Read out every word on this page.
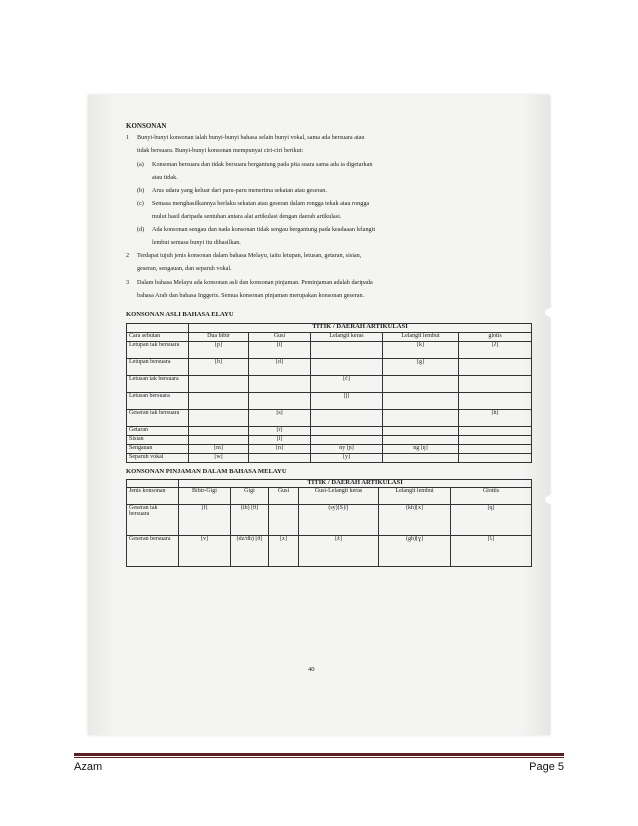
KONSONAN
1	Bunyi-bunyi konsonan ialah bunyi-bunyi bahasa selain bunyi vokal, sama ada bersuara atau
tidak bersuara. Bunyi-bunyi konsonan mempunyai ciri-ciri berikut:
(a)	Konsonan bersuara dan tidak bersuara bergantung pada pita suara sama ada ia digetarkan
atau tidak.
(b)	Arus udara yang keluar dari paru-paru menerima sekatan atau geseran.
(c)	Semasa menghasilkannya berlaku sekatan atau geseran dalam rongga tekak atau rongga
mulut hasil daripada sentuhan antara alat artikulasi dengan daerah artikulasi.
(d)	Ada konsonan sengau dan nada konsonan tidak sengau bergantung pada keadaaan lelangit
lembut semasa bunyi itu dihasilkan.
2	Terdapat tujuh jenis konsonan dalam bahasa Melayu, iaitu letupan, letusan, getaran, sisian,
geseran, sengauan, dan separuh vokal.
3	Dalam bahasa Melayu ada konsonan asli dan konsonan pinjaman. Peminjaman adalah daripada
bahasa Arab dan bahasa Inggeris. Semua konsonan pinjaman merupakan konsonan geseran.
KONSONAN ASLI BAHASA ELAYU
	TITIK / DAERAH ARTIKULASI				
Cara sebutan	Dua bibir	Gusi	Lelangit keras	Lelangit lembut	glotis
Letupan tak bersuara	[p]	[t]		[k]	[ʔ]
Letupan bersuara	[b]	[d]		[g]	
Letusan tak bersuara			[č]		
Letusan bersuara			[ǰ]		
Geseran tak bersuara		[s]			[h]
Getaran		[r]			
Sisian		[l]			
Sengauan	[m]	[n]	ny [ɲ]	ng [ŋ]	
Separuh vokal	[w]		[y]		
KONSONAN PINJAMAN DALAM BAHASA MELAYU
	TITIK / DAERAH ARTIKULASI					
Jenis konsonan	Bibir-Gigi	Gigi	Gusi	Gusi-Lelangit keras	Lelangit lembut	Glottis
Geseran tak bersuara	[f]	(th) [θ]		(sy)[Š]/ʃ	(kh)[x]	[q]
Geseran bersuara	[v]	(dz/dh) [ð]	[z]	[ž]	(gh)[ɣ]	[ʕ]
40
Azam	Page 5
